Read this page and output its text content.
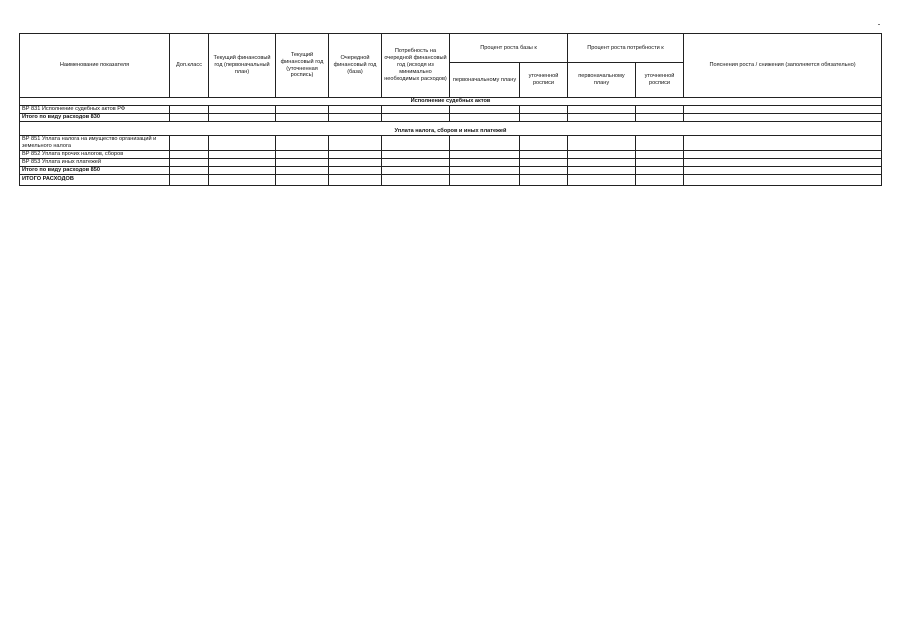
Наименование показателя	Доп.класс	Текущий финансовый год (первоначальный план)	Текущий финансовый год (уточненная роспись)	Очередной финансовый год (база)	Потребность на очередной финансовый год (исходя из минимально необходимых расходов)	Процент роста базы к		Процент роста потребности к		Пояснения роста / снижения (заполняется обязательно)
						первоначальному плану	уточненной росписи	первоначальному плану	уточненной росписи	
Исполнение судебных актов										
ВР 831 Исполнение судебных актов РФ										
Итого по виду расходов 830										
Уплата налога, сборов и иных платежей										
ВР 851 Уплата налога на имущество организаций и земельного налога										
ВР 852 Уплата прочих налогов, сборов										
ВР 853 Уплата иных платежей										
Итого по виду расходов 850										
ИТОГО РАСХОДОВ										
